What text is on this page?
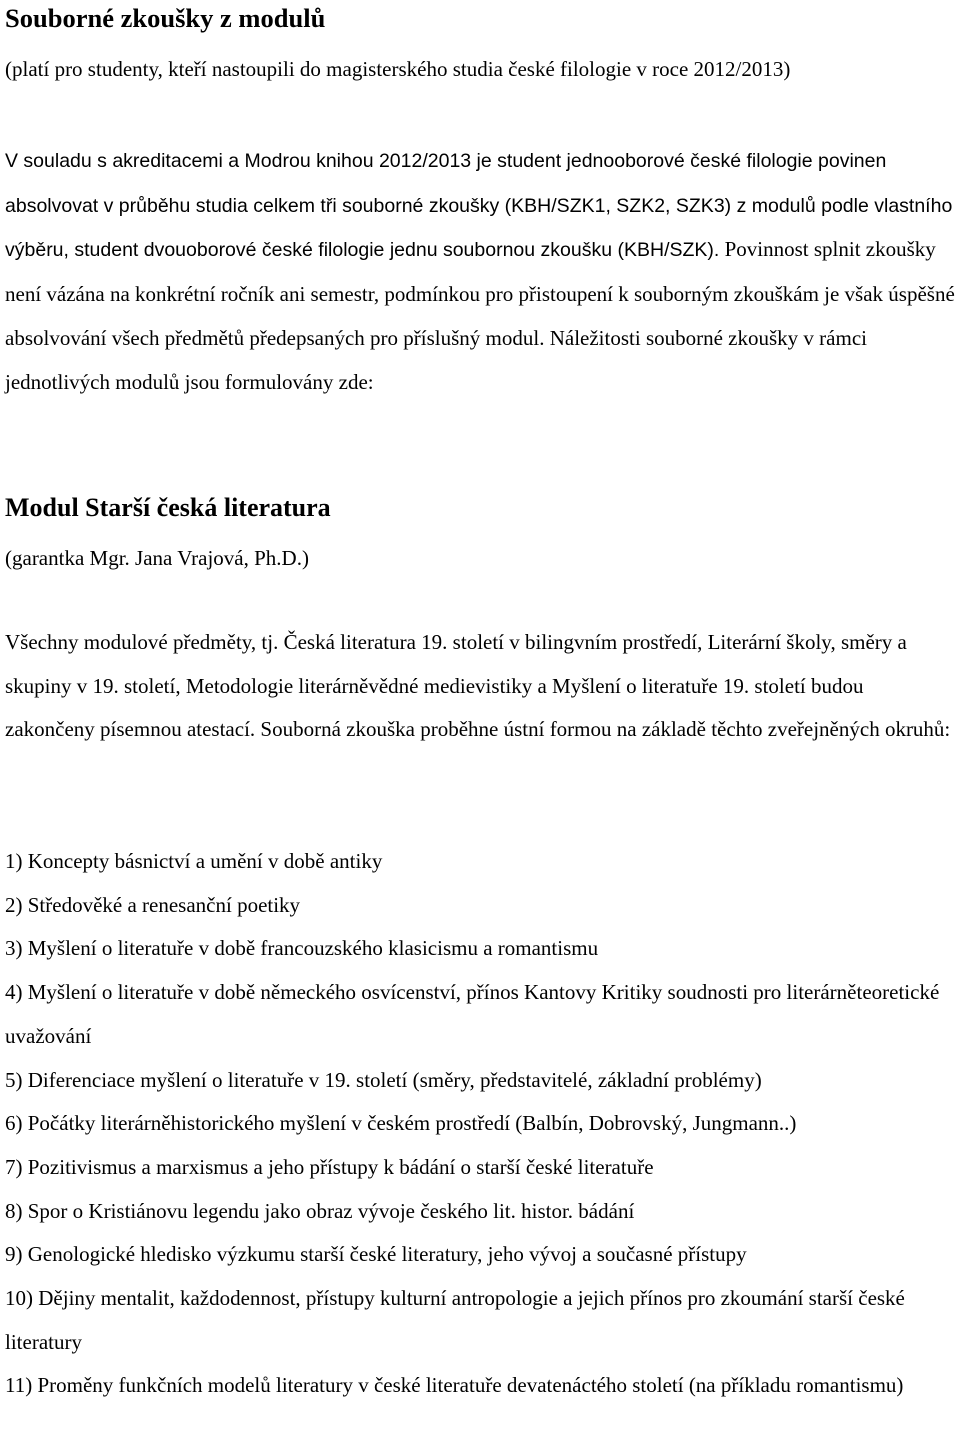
Souborné zkoušky z modulů

(platí pro studenty, kteří nastoupili do magisterského studia české filologie v roce 2012/2013)

V souladu s akreditacemi a Modrou knihou 2012/2013 je student jednooborové české filologie povinen absolvovat v průběhu studia celkem tři souborné zkoušky (KBH/SZK1, SZK2, SZK3) z modulů podle vlastního výběru, student dvouoborové české filologie jednu soubornou zkoušku (KBH/SZK). Povinnost splnit zkoušky není vázána na konkrétní ročník ani semestr, podmínkou pro přistoupení k souborným zkouškám je však úspěšné absolvování všech předmětů předepsaných pro příslušný modul. Náležitosti souborné zkoušky v rámci jednotlivých modulů jsou formulovány zde:

Modul Starší česká literatura

(garantka Mgr. Jana Vrajová, Ph.D.)

Všechny modulové předměty, tj. Česká literatura 19. století v bilingvním prostředí, Literární školy, směry a skupiny v 19. století, Metodologie literárněvědné medievistiky a Myšlení o literatuře 19. století budou zakončeny písemnou atestací. Souborná zkouška proběhne ústní formou na základě těchto zveřejněných okruhů:

1) Koncepty básnictví a umění v době antiky
2) Středověké a renesanční poetiky
3) Myšlení o literatuře v době francouzského klasicismu a romantismu
4) Myšlení o literatuře v době německého osvícenství, přínos Kantovy Kritiky soudnosti pro literárněteoretické uvažování
5) Diferenciace myšlení o literatuře v 19. století (směry, představitelé, základní problémy)
6) Počátky literárněhistorického myšlení v českém prostředí (Balbín, Dobrovský, Jungmann..)
7) Pozitivismus a marxismus a jeho přístupy k bádání o starší české literatuře
8) Spor o Kristiánovu legendu jako obraz vývoje českého lit. histor. bádání
9) Genologické hledisko výzkumu starší české literatury, jeho vývoj a současné přístupy
10) Dějiny mentalit, každodennost, přístupy kulturní antropologie a jejich přínos pro zkoumání starší české literatury
11) Proměny funkčních modelů literatury v české literatuře devatenáctého století (na příkladu romantismu)
